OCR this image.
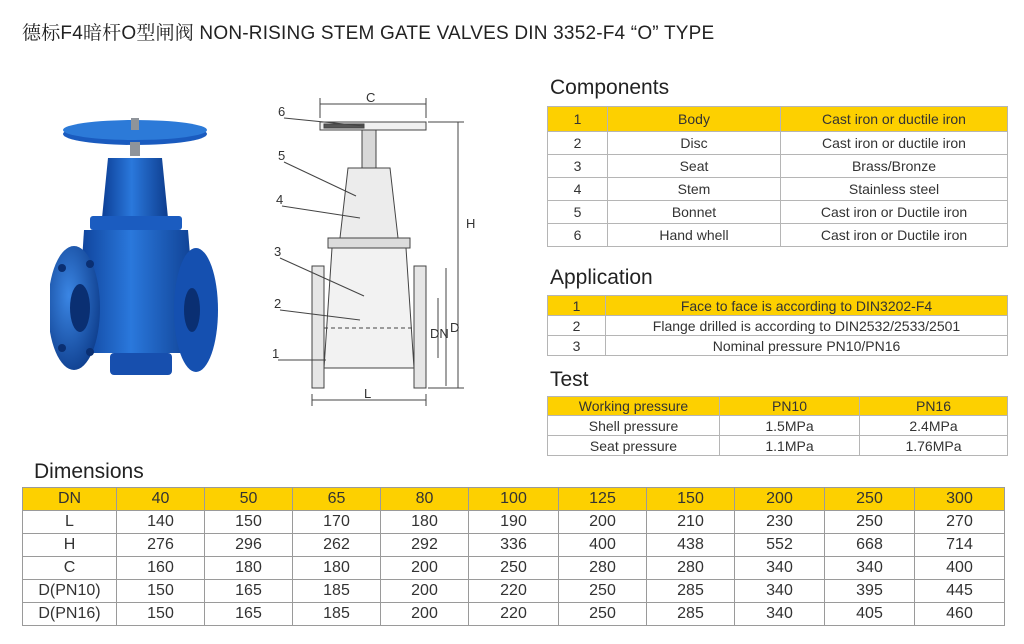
德标F4暗杆O型闸阀 NON-RISING STEM GATE VALVES DIN 3352-F4 “O” TYPE
C
H
L
DN D
6
5
4
3
2
1
Components
1	Body	Cast iron or ductile iron
2	Disc	Cast iron or ductile iron
3	Seat	Brass/Bronze
4	Stem	Stainless steel
5	Bonnet	Cast iron or Ductile iron
6	Hand whell	Cast iron or Ductile iron
Application
1	Face to face is according to DIN3202-F4
2	Flange drilled is according to DIN2532/2533/2501
3	Nominal pressure PN10/PN16
Test
Working pressure	PN10	PN16
Shell pressure	1.5MPa	2.4MPa
Seat pressure	1.1MPa	1.76MPa
Dimensions
DN	40	50	65	80	100	125	150	200	250	300
L	140	150	170	180	190	200	210	230	250	270
H	276	296	262	292	336	400	438	552	668	714
C	160	180	180	200	250	280	280	340	340	400
D(PN10)	150	165	185	200	220	250	285	340	395	445
D(PN16)	150	165	185	200	220	250	285	340	405	460
